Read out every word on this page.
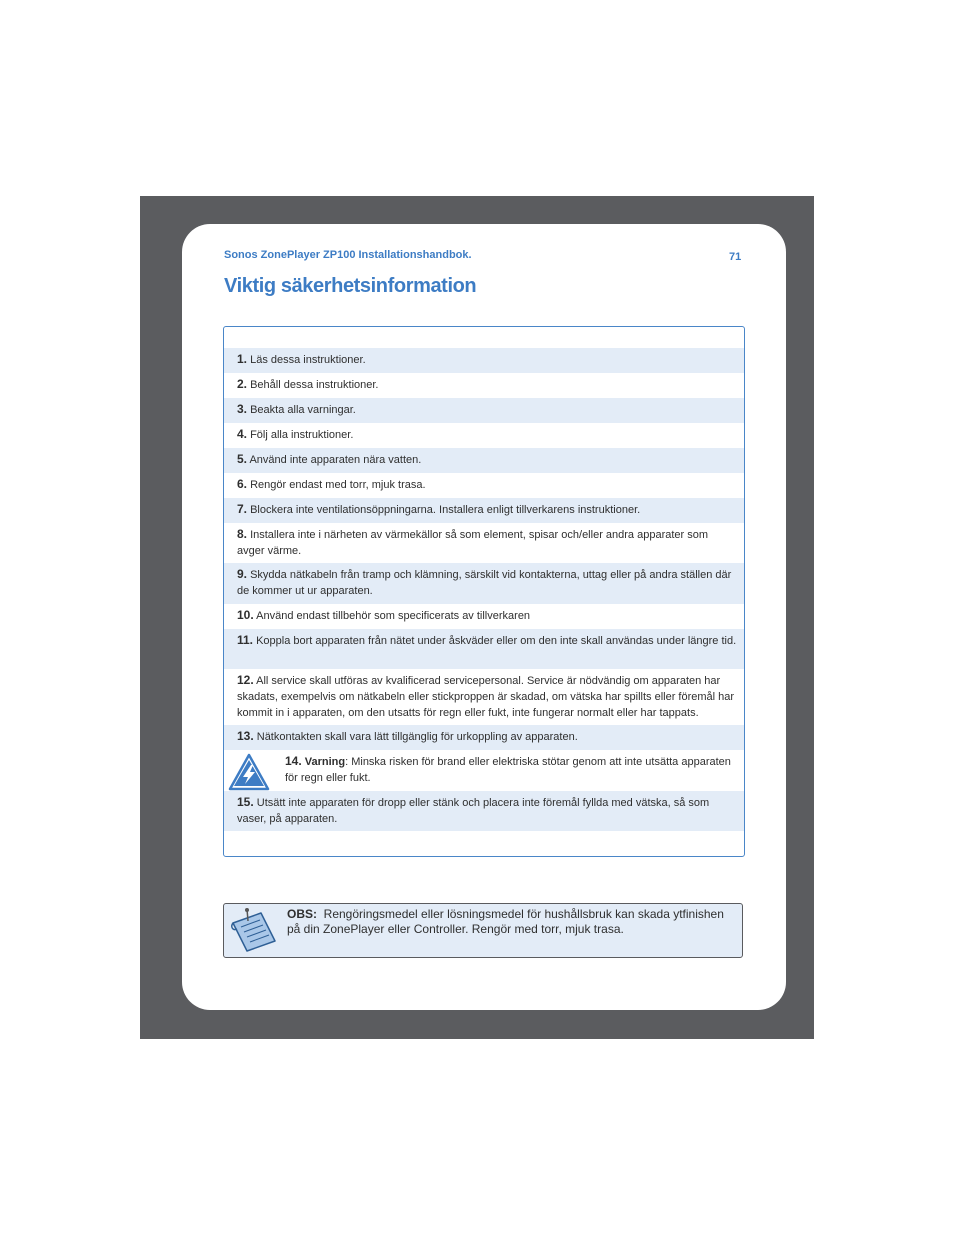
Sonos ZonePlayer ZP100 Installationshandbok.	71
Viktig säkerhetsinformation
1. Läs dessa instruktioner.
2. Behåll dessa instruktioner.
3. Beakta alla varningar.
4. Följ alla instruktioner.
5. Använd inte apparaten nära vatten.
6. Rengör endast med torr, mjuk trasa.
7. Blockera inte ventilationsöppningarna. Installera enligt tillverkarens instruktioner.
8. Installera inte i närheten av värmekällor så som element, spisar och/eller andra apparater som avger värme.
9. Skydda nätkabeln från tramp och klämning, särskilt vid kontakterna, uttag eller på andra ställen där de kommer ut ur apparaten.
10. Använd endast tillbehör som specificerats av tillverkaren
11. Koppla bort apparaten från nätet under åskväder eller om den inte skall användas under längre tid.
12. All service skall utföras av kvalificerad servicepersonal. Service är nödvändig om apparaten har skadats, exempelvis om nätkabeln eller stickproppen är skadad, om vätska har spillts eller föremål har kommit in i apparaten, om den utsatts för regn eller fukt, inte fungerar normalt eller har tappats.
13. Nätkontakten skall vara lätt tillgänglig för urkoppling av apparaten.
14. Varning: Minska risken för brand eller elektriska stötar genom att inte utsätta apparaten för regn eller fukt.
15. Utsätt inte apparaten för dropp eller stänk och placera inte föremål fyllda med vätska, så som vaser, på apparaten.
OBS: Rengöringsmedel eller lösningsmedel för hushållsbruk kan skada ytfinishen på din ZonePlayer eller Controller. Rengör med torr, mjuk trasa.
